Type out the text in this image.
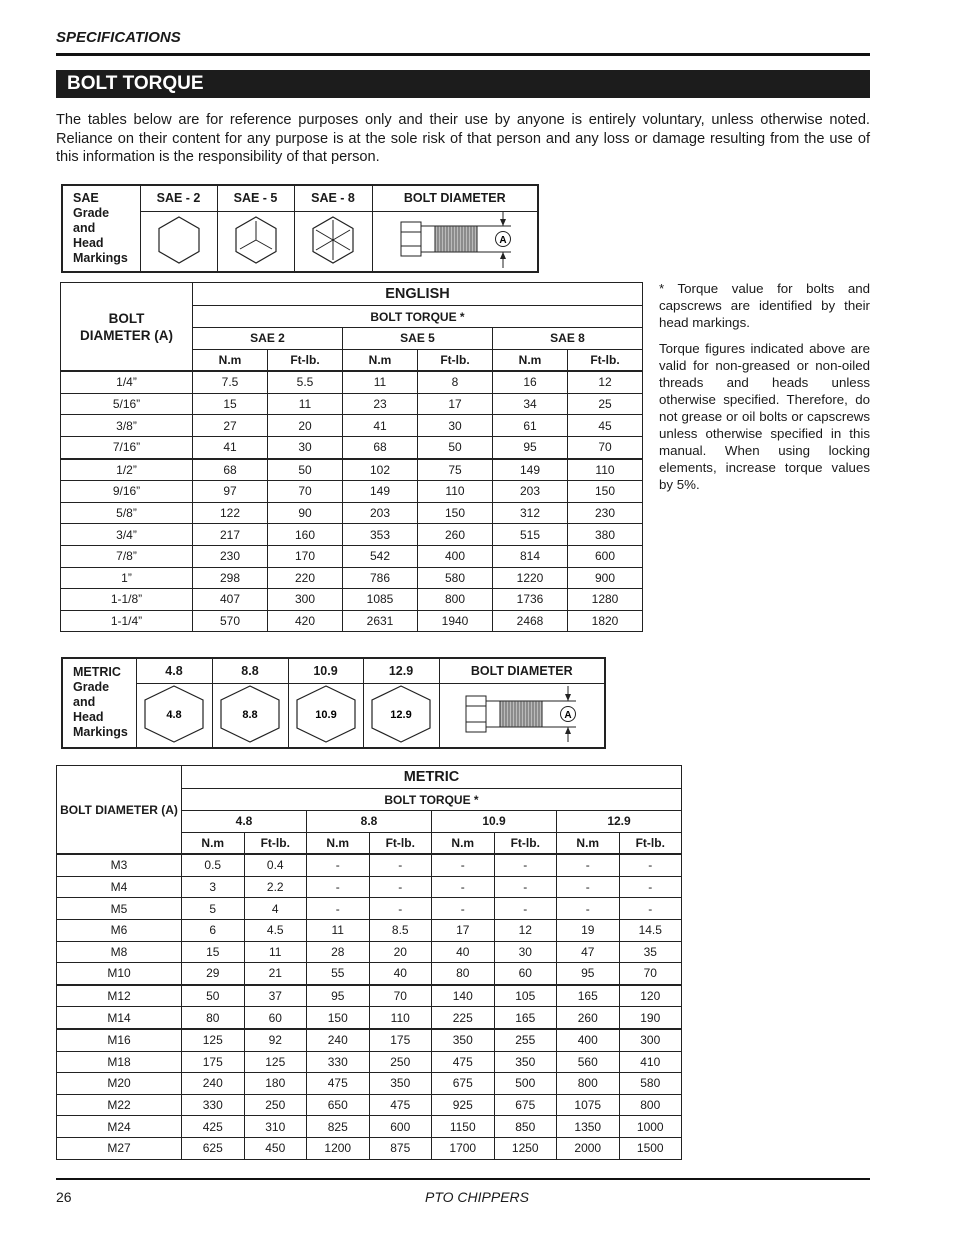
SPECIFICATIONS
BOLT TORQUE
The tables below are for reference purposes only and their use by anyone is entirely voluntary, unless otherwise noted. Reliance on their content for any purpose is at the sole risk of that person and any loss or damage resulting from the use of this information is the responsibility of that person.
SAE
Grade
and
Head
Markings	SAE - 2	SAE - 5	SAE - 8	BOLT DIAMETER

A
BOLT DIAMETER (A)	ENGLISH					
	BOLT TORQUE *					
	SAE 2		SAE 5		SAE 8	
	N.m	Ft-lb.	N.m	Ft-lb.	N.m	Ft-lb.
1/4”	7.5	5.5	11	8	16	12
5/16”	15	11	23	17	34	25
3/8”	27	20	41	30	61	45
7/16”	41	30	68	50	95	70
1/2”	68	50	102	75	149	110
9/16”	97	70	149	110	203	150
5/8”	122	90	203	150	312	230
3/4”	217	160	353	260	515	380
7/8”	230	170	542	400	814	600
1”	298	220	786	580	1220	900
1-1/8”	407	300	1085	800	1736	1280
1-1/4”	570	420	2631	1940	2468	1820
* Torque value for bolts and capscrews are identified by their head markings.
Torque figures indicated above are valid for non-greased or non-oiled threads and heads unless otherwise specified. Therefore, do not grease or oil bolts or capscrews unless otherwise specified in this manual. When using locking elements, increase torque values by 5%.
METRIC
Grade
and
Head
Markings	4.8	8.8	10.9	12.9	BOLT DIAMETER

4.8	8.8	10.9	12.9	A
BOLT DIAMETER (A)	METRIC							
	BOLT TORQUE *							
	4.8		8.8		10.9		12.9	
	N.m	Ft-lb.	N.m	Ft-lb.	N.m	Ft-lb.	N.m	Ft-lb.
M3	0.5	0.4	-	-	-	-	-	-
M4	3	2.2	-	-	-	-	-	-
M5	5	4	-	-	-	-	-	-
M6	6	4.5	11	8.5	17	12	19	14.5
M8	15	11	28	20	40	30	47	35
M10	29	21	55	40	80	60	95	70
M12	50	37	95	70	140	105	165	120
M14	80	60	150	110	225	165	260	190
M16	125	92	240	175	350	255	400	300
M18	175	125	330	250	475	350	560	410
M20	240	180	475	350	675	500	800	580
M22	330	250	650	475	925	675	1075	800
M24	425	310	825	600	1150	850	1350	1000
M27	625	450	1200	875	1700	1250	2000	1500
26	PTO CHIPPERS
